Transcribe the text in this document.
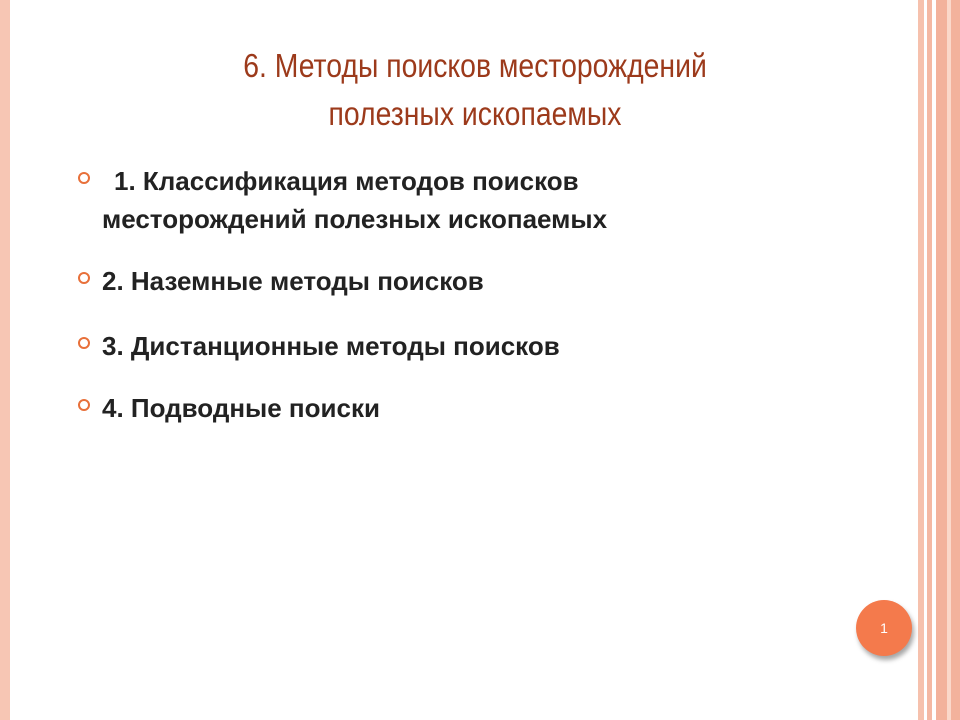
6. Методы поисков месторождений
полезных ископаемых
1. Классификация методов поисков
месторождений полезных ископаемых
2. Наземные методы поисков
3. Дистанционные методы поисков
4. Подводные поиски
1
